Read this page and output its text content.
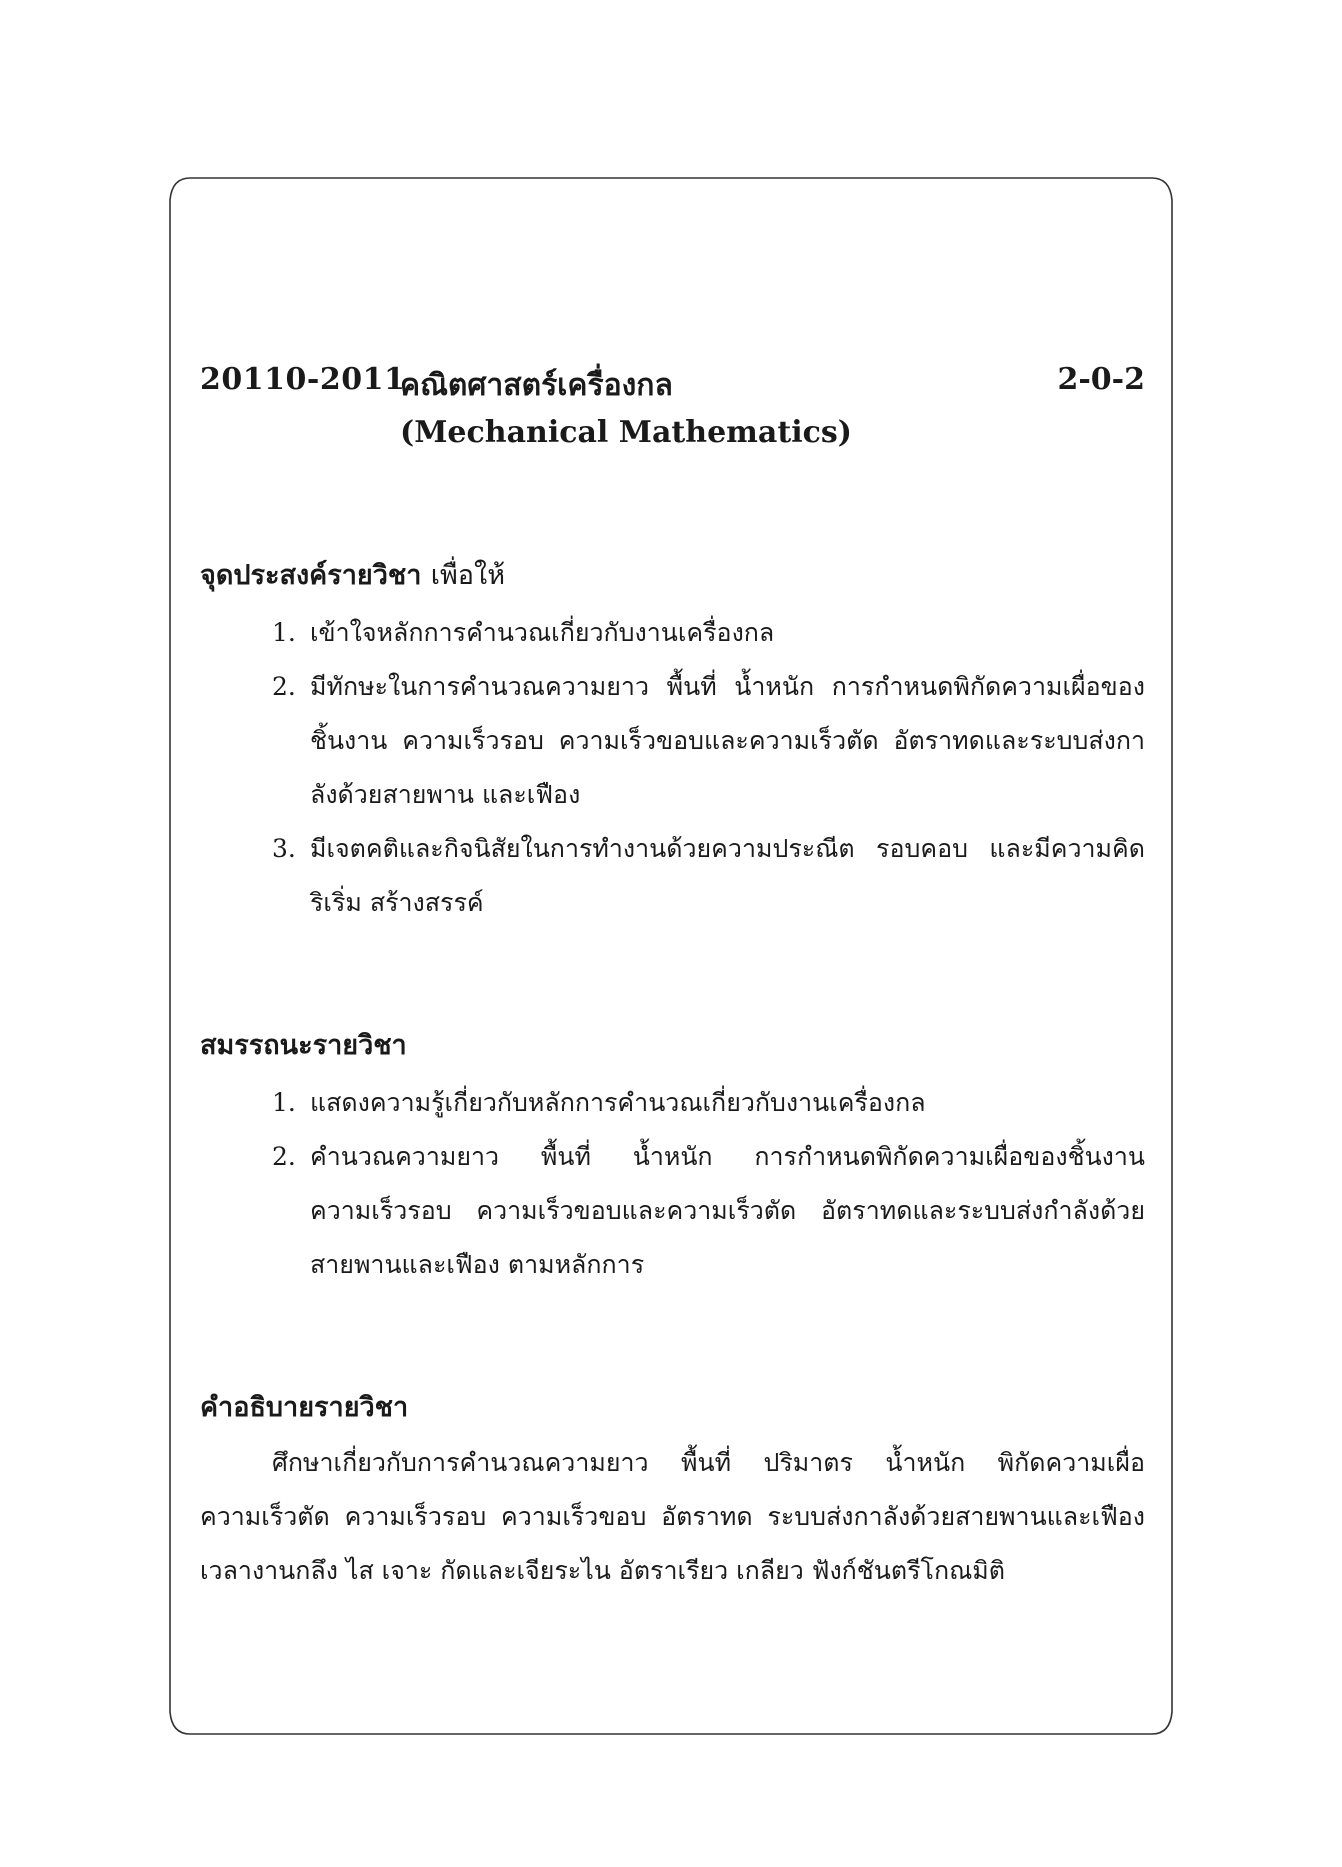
20110-2011
คณิตศาสตร์เครื่องกล	2-0-2
(Mechanical Mathematics)
จุดประสงค์รายวิชา เพื่อให้
1. เข้าใจหลักการคำนวณเกี่ยวกับงานเครื่องกล
2. มีทักษะในการคำนวณความยาว พื้นที่ น้ำหนัก การกำหนดพิกัดความเผื่อของชิ้นงาน ความเร็วรอบ ความเร็วขอบและความเร็วตัด อัตราทดและระบบส่งกาลังด้วยสายพาน และเฟือง
3. มีเจตคติและกิจนิสัยในการทำงานด้วยความประณีต รอบคอบ และมีความคิดริเริ่ม สร้างสรรค์
สมรรถนะรายวิชา
1. แสดงความรู้เกี่ยวกับหลักการคำนวณเกี่ยวกับงานเครื่องกล
2. คำนวณความยาว พื้นที่ น้ำหนัก การกำหนดพิกัดความเผื่อของชิ้นงาน ความเร็วรอบ ความเร็วขอบและความเร็วตัด อัตราทดและระบบส่งกำลังด้วยสายพานและเฟือง ตามหลักการ
คำอธิบายรายวิชา
ศึกษาเกี่ยวกับการคำนวณความยาว พื้นที่ ปริมาตร น้ำหนัก พิกัดความเผื่อ ความเร็วตัด ความเร็วรอบ ความเร็วขอบ อัตราทด ระบบส่งกาลังด้วยสายพานและเฟือง เวลางานกลึง ไส เจาะ กัดและเจียระไน อัตราเรียว เกลียว ฟังก์ชันตรีโกณมิติ
